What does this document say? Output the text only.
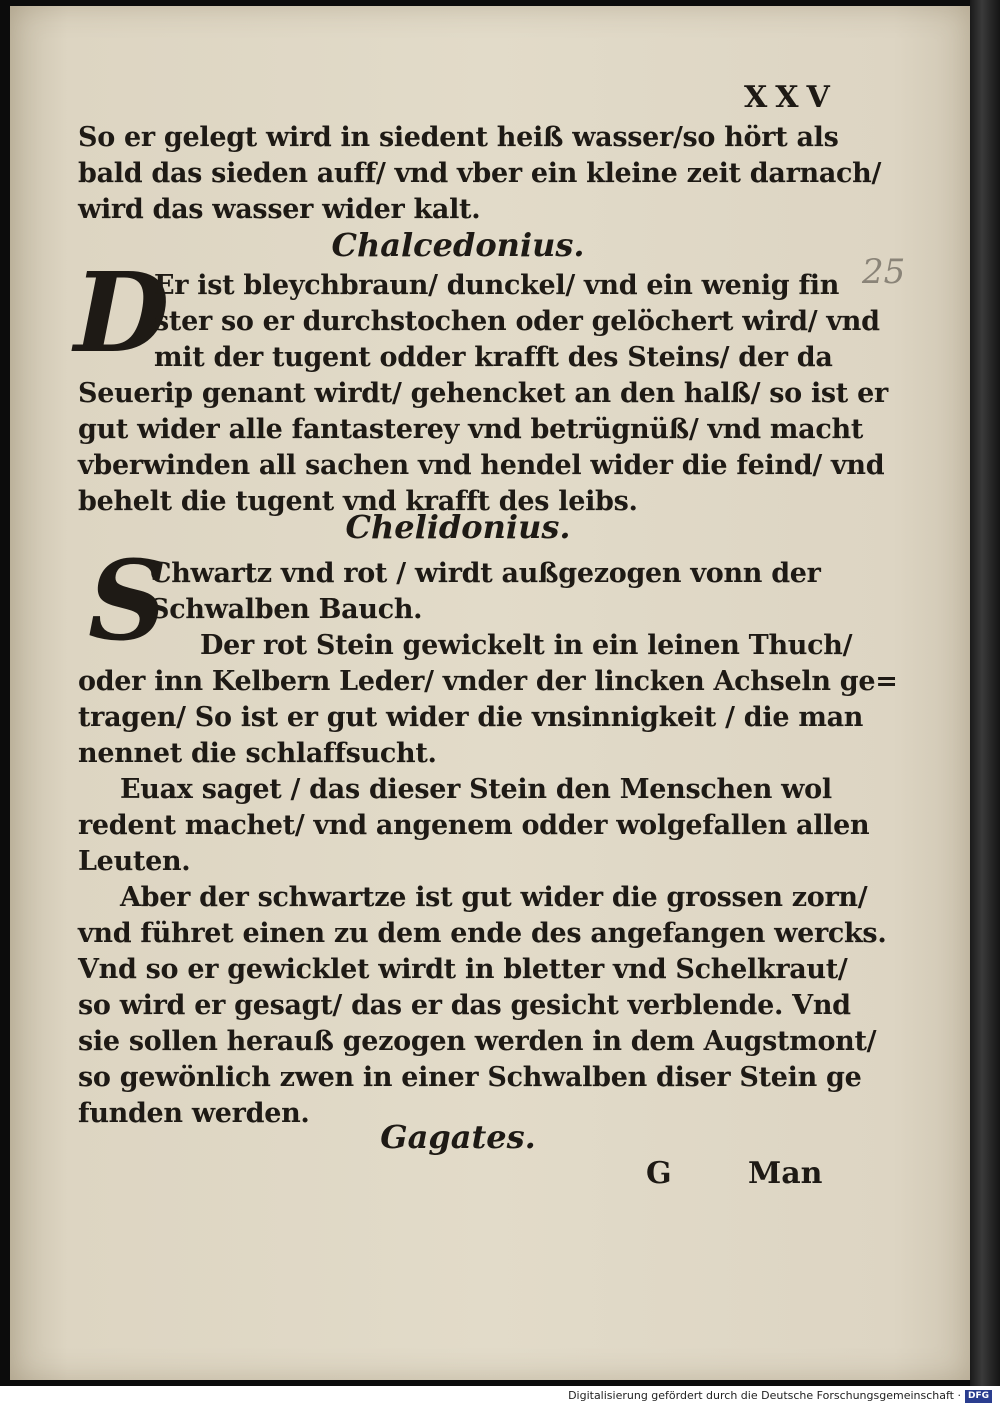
XXV
25
So er gelegt wird in siedent heiß wasser/so hört als
bald das sieden auff/ vnd vber ein kleine zeit darnach/
wird das wasser wider kalt.
Chalcedonius.
D
Er ist bleychbraun/ dunckel/ vnd ein wenig fin
ster so er durchstochen oder gelöchert wird/ vnd
mit der tugent odder krafft des Steins/ der da
Seuerip genant wirdt/ gehencket an den halß/ so ist er
gut wider alle fantasterey vnd betrügnüß/ vnd macht
vberwinden all sachen vnd hendel wider die feind/ vnd
behelt die tugent vnd krafft des leibs.
Chelidonius.
S
Chwartz vnd rot / wirdt außgezogen vonn der
Schwalben Bauch.
Der rot Stein gewickelt in ein leinen Thuch/
oder inn Kelbern Leder/ vnder der lincken Achseln ge=
tragen/ So ist er gut wider die vnsinnigkeit / die man
nennet die schlaffsucht.
Euax saget / das dieser Stein den Menschen wol
redent machet/ vnd angenem odder wolgefallen allen
Leuten.
Aber der schwartze ist gut wider die grossen zorn/
vnd führet einen zu dem ende des angefangen wercks.
Vnd so er gewicklet wirdt in bletter vnd Schelkraut/
so wird er gesagt/ das er das gesicht verblende. Vnd
sie sollen herauß gezogen werden in dem Augstmont/
so gewönlich zwen in einer Schwalben diser Stein ge
funden werden.
Gagates.
G	Man
Digitalisierung gefördert durch die Deutsche Forschungsgemeinschaft · DFG
